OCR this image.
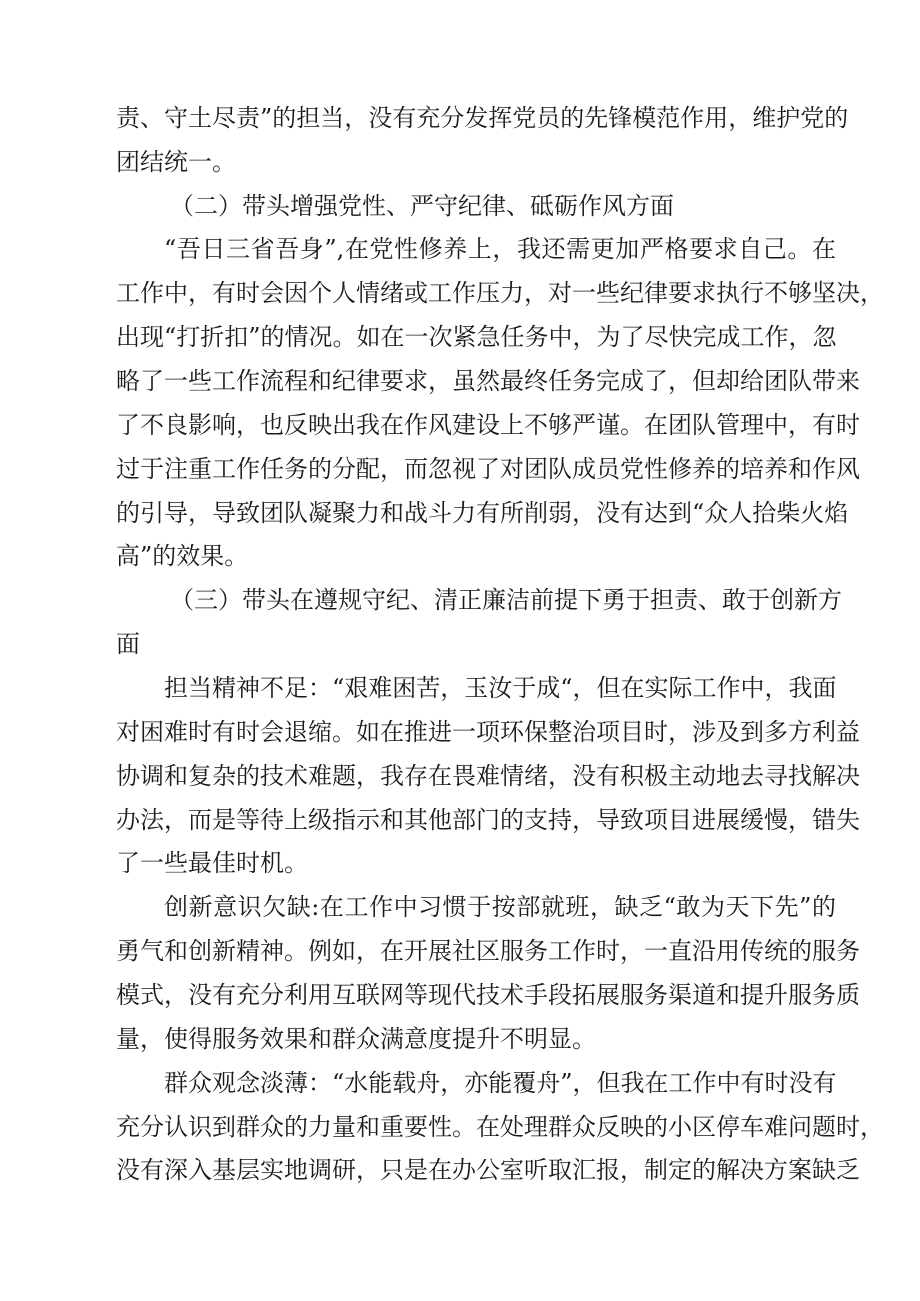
责、守土尽责”的担当，没有充分发挥党员的先锋模范作用，维护党的
团结统一。
（二）带头增强党性、严守纪律、砥砺作风方面
“吾日三省吾身”,在党性修养上，我还需更加严格要求自己。在
工作中，有时会因个人情绪或工作压力，对一些纪律要求执行不够坚决，
出现“打折扣”的情况。如在一次紧急任务中，为了尽快完成工作，忽
略了一些工作流程和纪律要求，虽然最终任务完成了，但却给团队带来
了不良影响，也反映出我在作风建设上不够严谨。在团队管理中，有时
过于注重工作任务的分配，而忽视了对团队成员党性修养的培养和作风
的引导，导致团队凝聚力和战斗力有所削弱，没有达到“众人拾柴火焰
高”的效果。
（三）带头在遵规守纪、清正廉洁前提下勇于担责、敢于创新方
面
担当精神不足：“艰难困苦，玉汝于成“，但在实际工作中，我面
对困难时有时会退缩。如在推进一项环保整治项目时，涉及到多方利益
协调和复杂的技术难题，我存在畏难情绪，没有积极主动地去寻找解决
办法，而是等待上级指示和其他部门的支持，导致项目进展缓慢，错失
了一些最佳时机。
创新意识欠缺:在工作中习惯于按部就班，缺乏“敢为天下先”的
勇气和创新精神。例如，在开展社区服务工作时，一直沿用传统的服务
模式，没有充分利用互联网等现代技术手段拓展服务渠道和提升服务质
量，使得服务效果和群众满意度提升不明显。
群众观念淡薄：“水能载舟，亦能覆舟”，但我在工作中有时没有
充分认识到群众的力量和重要性。在处理群众反映的小区停车难问题时，
没有深入基层实地调研，只是在办公室听取汇报，制定的解决方案缺乏
